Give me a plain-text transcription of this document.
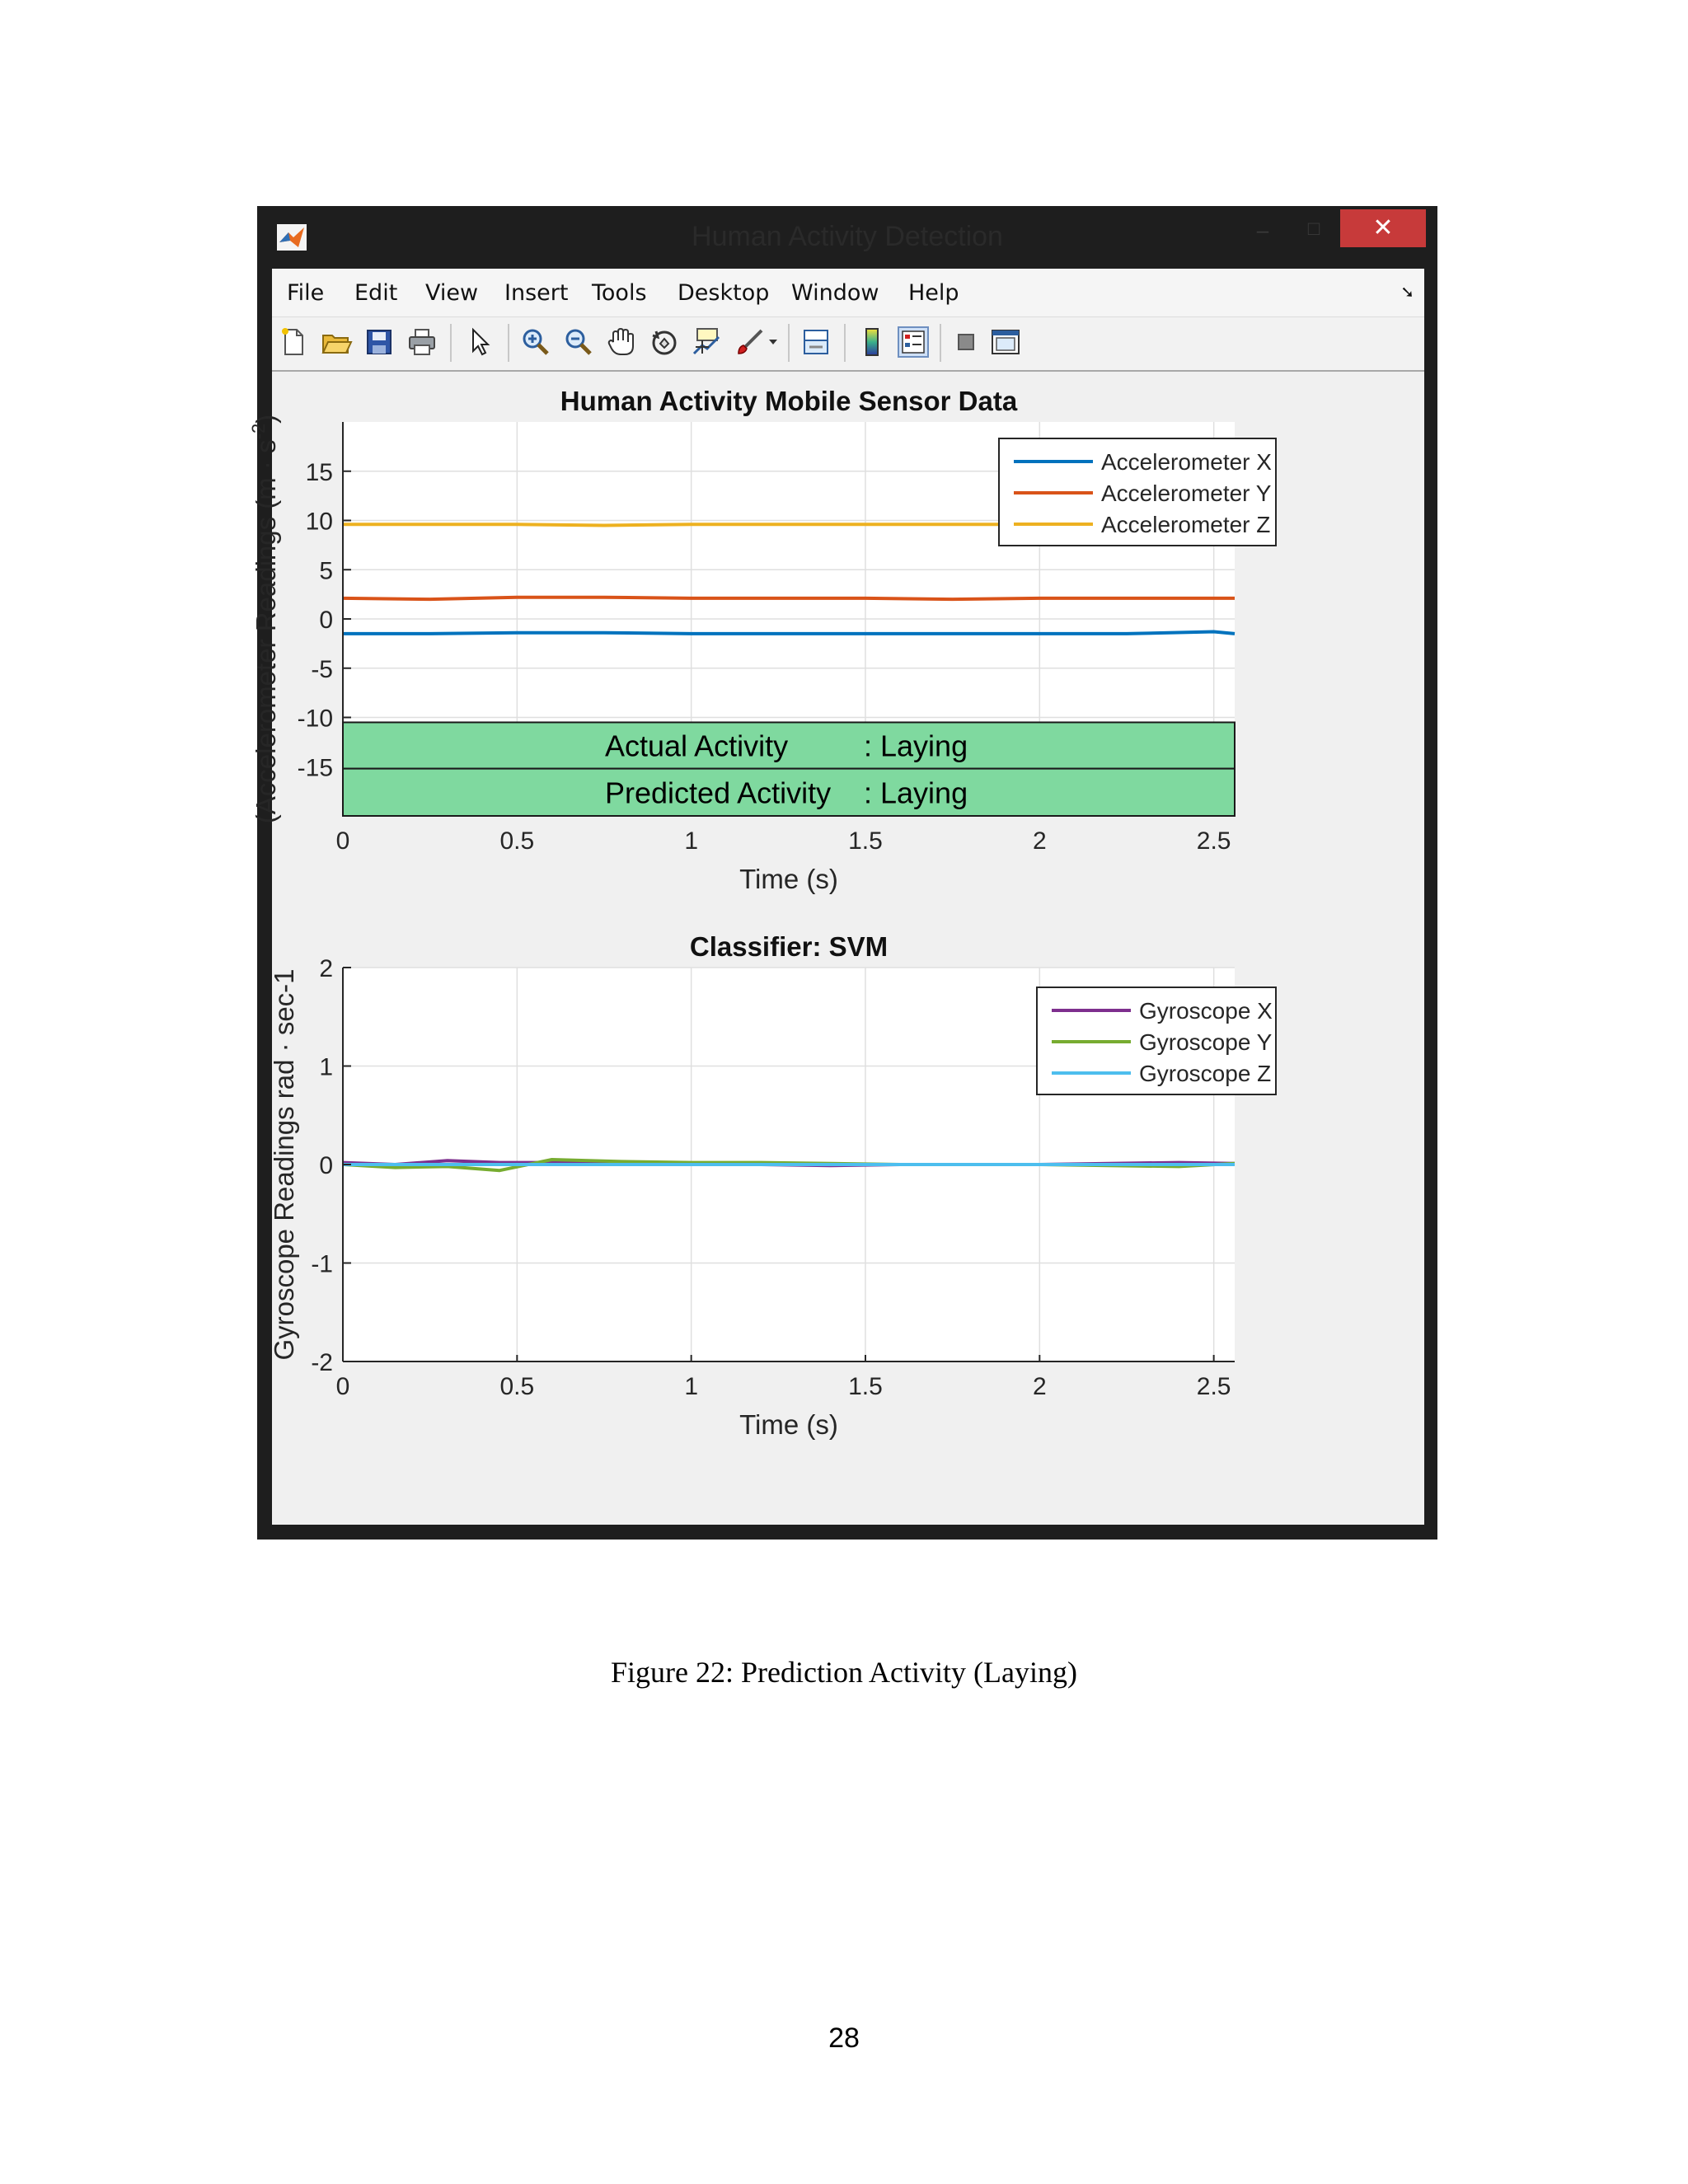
Human Activity Detection	–	□	✕
File Edit View Insert Tools Desktop Window Help	➘
0	0.5	1	1.5	2	2.5
15
10
5
0
-5
-10
-15
Actual Activity	: Laying
Predicted Activity : Laying
Accelerometer X
Accelerometer Y
Accelerometer Z
Human Activity Mobile Sensor Data
Time (s)
(Accelerometer Readings $(m \cdot s^{-2})$
0	0.5	1	1.5	2	2.5
2
1
0
-1
-2
Gyroscope X
Gyroscope Y
Gyroscope Z
Classifier: SVM
Time (s)
Gyroscope Readings rad · sec-1
Figure 22: Prediction Activity (Laying)
28
